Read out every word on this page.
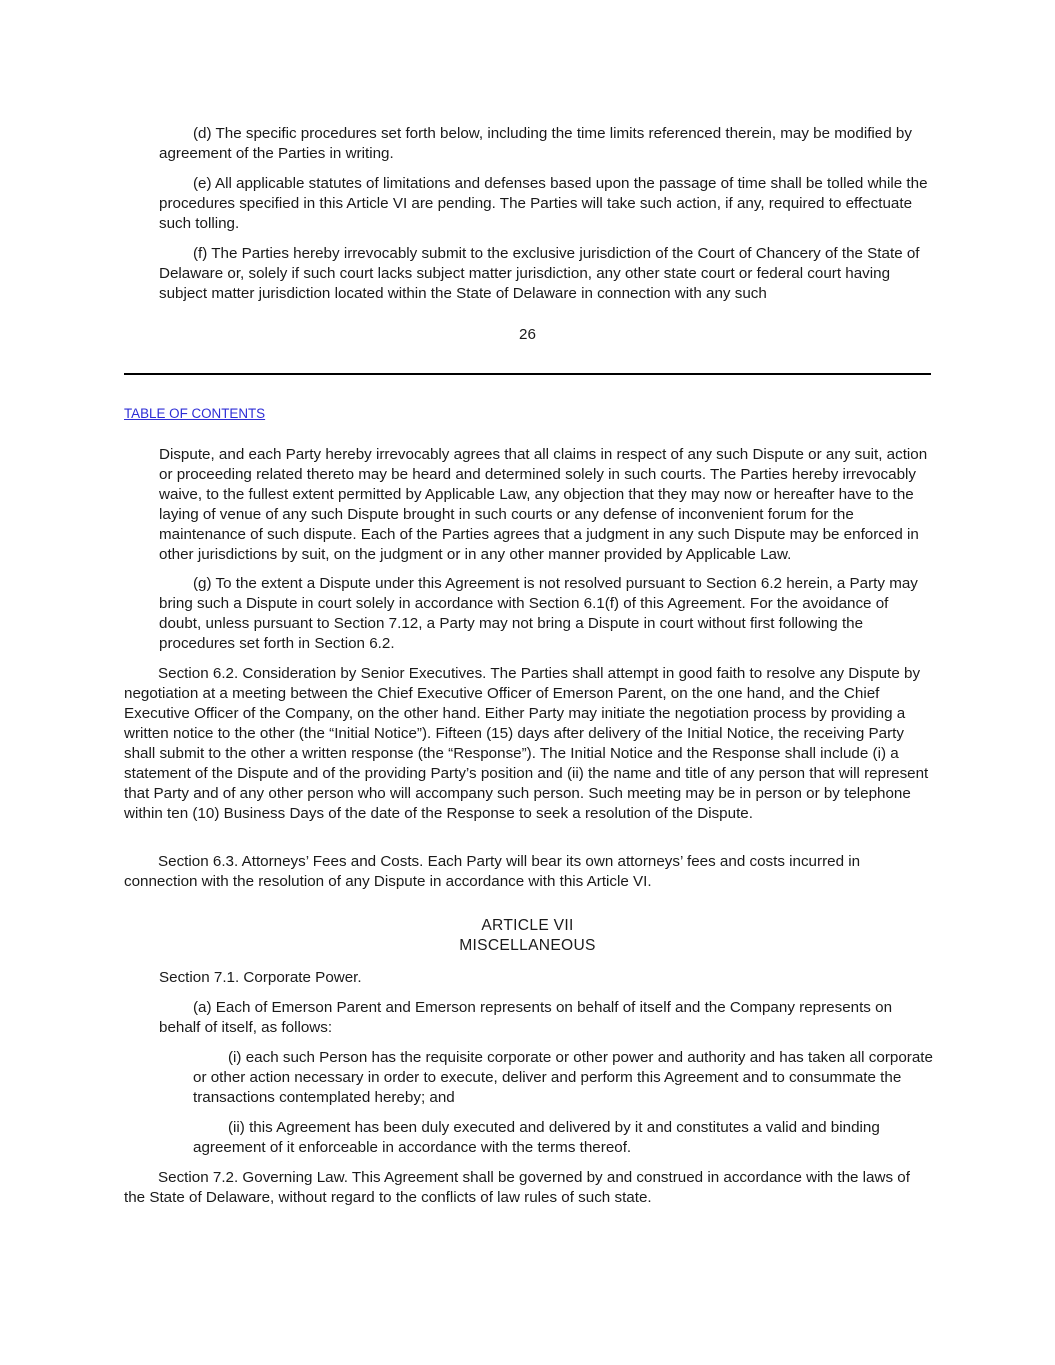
(d) The specific procedures set forth below, including the time limits referenced therein, may be modified by agreement of the Parties in writing.

(e) All applicable statutes of limitations and defenses based upon the passage of time shall be tolled while the procedures specified in this Article VI are pending. The Parties will take such action, if any, required to effectuate such tolling.

(f) The Parties hereby irrevocably submit to the exclusive jurisdiction of the Court of Chancery of the State of Delaware or, solely if such court lacks subject matter jurisdiction, any other state court or federal court having subject matter jurisdiction located within the State of Delaware in connection with any such

26
TABLE OF CONTENTS

Dispute, and each Party hereby irrevocably agrees that all claims in respect of any such Dispute or any suit, action or proceeding related thereto may be heard and determined solely in such courts. The Parties hereby irrevocably waive, to the fullest extent permitted by Applicable Law, any objection that they may now or hereafter have to the laying of venue of any such Dispute brought in such courts or any defense of inconvenient forum for the maintenance of such dispute. Each of the Parties agrees that a judgment in any such Dispute may be enforced in other jurisdictions by suit, on the judgment or in any other manner provided by Applicable Law.

(g) To the extent a Dispute under this Agreement is not resolved pursuant to Section 6.2 herein, a Party may bring such a Dispute in court solely in accordance with Section 6.1(f) of this Agreement. For the avoidance of doubt, unless pursuant to Section 7.12, a Party may not bring a Dispute in court without first following the procedures set forth in Section 6.2.

Section 6.2. Consideration by Senior Executives. The Parties shall attempt in good faith to resolve any Dispute by negotiation at a meeting between the Chief Executive Officer of Emerson Parent, on the one hand, and the Chief Executive Officer of the Company, on the other hand. Either Party may initiate the negotiation process by providing a written notice to the other (the “Initial Notice”). Fifteen (15) days after delivery of the Initial Notice, the receiving Party shall submit to the other a written response (the “Response”). The Initial Notice and the Response shall include (i) a statement of the Dispute and of the providing Party’s position and (ii) the name and title of any person that will represent that Party and of any other person who will accompany such person. Such meeting may be in person or by telephone within ten (10) Business Days of the date of the Response to seek a resolution of the Dispute.

Section 6.3. Attorneys’ Fees and Costs. Each Party will bear its own attorneys’ fees and costs incurred in connection with the resolution of any Dispute in accordance with this Article VI.

ARTICLE VII
MISCELLANEOUS

Section 7.1. Corporate Power.

(a) Each of Emerson Parent and Emerson represents on behalf of itself and the Company represents on behalf of itself, as follows:

(i) each such Person has the requisite corporate or other power and authority and has taken all corporate or other action necessary in order to execute, deliver and perform this Agreement and to consummate the transactions contemplated hereby; and

(ii) this Agreement has been duly executed and delivered by it and constitutes a valid and binding agreement of it enforceable in accordance with the terms thereof.

Section 7.2. Governing Law. This Agreement shall be governed by and construed in accordance with the laws of the State of Delaware, without regard to the conflicts of law rules of such state.
